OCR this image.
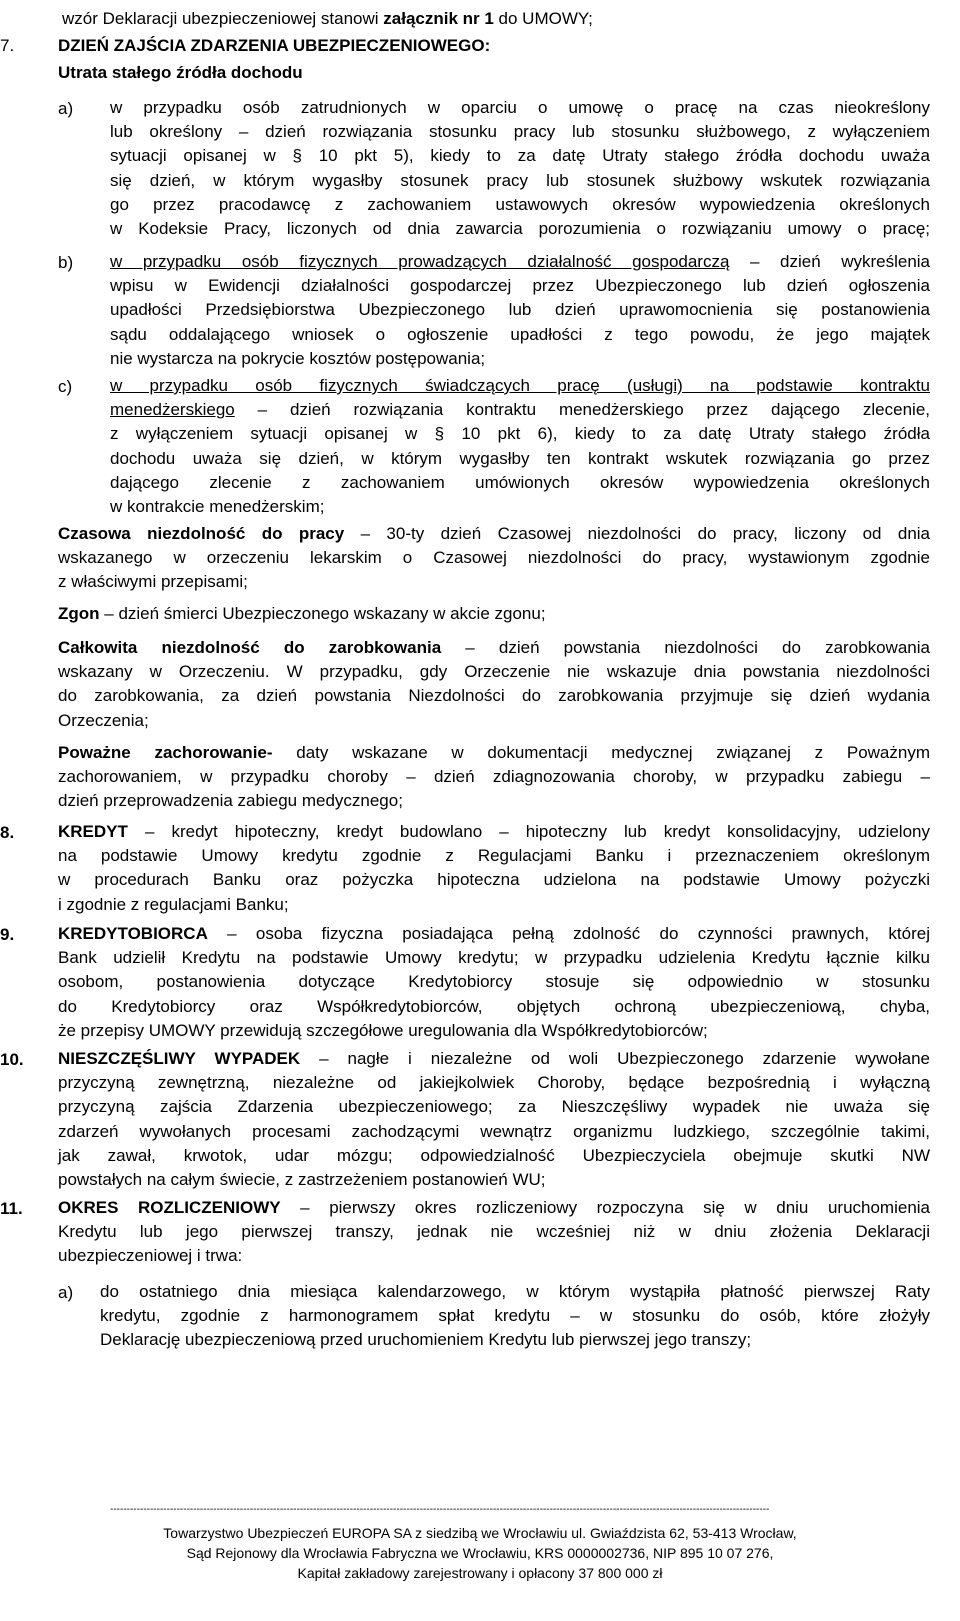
wzór Deklaracji ubezpieczeniowej stanowi załącznik nr 1 do UMOWY;
7.	DZIEŃ ZAJŚCIA ZDARZENIA UBEZPIECZENIOWEGO:
Utrata stałego źródła dochodu
a) w przypadku osób zatrudnionych w oparciu o umowę o pracę na czas nieokreślony
lub określony – dzień rozwiązania stosunku pracy lub stosunku służbowego, z wyłączeniem
sytuacji opisanej w § 10 pkt 5), kiedy to za datę Utraty stałego źródła dochodu uważa
się dzień, w którym wygasłby stosunek pracy lub stosunek służbowy wskutek rozwiązania
go przez pracodawcę z zachowaniem ustawowych okresów wypowiedzenia określonych
w Kodeksie Pracy, liczonych od dnia zawarcia porozumienia o rozwiązaniu umowy o pracę;
b) w przypadku osób fizycznych prowadzących działalność gospodarczą – dzień wykreślenia
wpisu w Ewidencji działalności gospodarczej przez Ubezpieczonego lub dzień ogłoszenia
upadłości Przedsiębiorstwa Ubezpieczonego lub dzień uprawomocnienia się postanowienia
sądu oddalającego wniosek o ogłoszenie upadłości z tego powodu, że jego majątek
nie wystarcza na pokrycie kosztów postępowania;
c) w przypadku osób fizycznych świadczących pracę (usługi) na podstawie kontraktu
menedżerskiego – dzień rozwiązania kontraktu menedżerskiego przez dającego zlecenie,
z wyłączeniem sytuacji opisanej w § 10 pkt 6), kiedy to za datę Utraty stałego źródła
dochodu uważa się dzień, w którym wygasłby ten kontrakt wskutek rozwiązania go przez
dającego zlecenie z zachowaniem umówionych okresów wypowiedzenia określonych
w kontrakcie menedżerskim;
Czasowa niezdolność do pracy – 30-ty dzień Czasowej niezdolności do pracy, liczony od dnia
wskazanego w orzeczeniu lekarskim o Czasowej niezdolności do pracy, wystawionym zgodnie
z właściwymi przepisami;
Zgon – dzień śmierci Ubezpieczonego wskazany w akcie zgonu;
Całkowita niezdolność do zarobkowania – dzień powstania niezdolności do zarobkowania
wskazany w Orzeczeniu. W przypadku, gdy Orzeczenie nie wskazuje dnia powstania niezdolności
do zarobkowania, za dzień powstania Niezdolności do zarobkowania przyjmuje się dzień wydania
Orzeczenia;
Poważne zachorowanie- daty wskazane w dokumentacji medycznej związanej z Poważnym
zachorowaniem, w przypadku choroby – dzień zdiagnozowania choroby, w przypadku zabiegu –
dzień przeprowadzenia zabiegu medycznego;
8.	KREDYT – kredyt hipoteczny, kredyt budowlano – hipoteczny lub kredyt konsolidacyjny, udzielony
na podstawie Umowy kredytu zgodnie z Regulacjami Banku i przeznaczeniem określonym
w procedurach Banku oraz pożyczka hipoteczna udzielona na podstawie Umowy pożyczki
i zgodnie z regulacjami Banku;
9.	KREDYTOBIORCA – osoba fizyczna posiadająca pełną zdolność do czynności prawnych, której
Bank udzielił Kredytu na podstawie Umowy kredytu; w przypadku udzielenia Kredytu łącznie kilku
osobom, postanowienia dotyczące Kredytobiorcy stosuje się odpowiednio w stosunku
do Kredytobiorcy oraz Współkredytobiorców, objętych ochroną ubezpieczeniową, chyba,
że przepisy UMOWY przewidują szczegółowe uregulowania dla Współkredytobiorców;
10. NIESZCZĘŚLIWY WYPADEK – nagłe i niezależne od woli Ubezpieczonego zdarzenie wywołane
przyczyną zewnętrzną, niezależne od jakiejkolwiek Choroby, będące bezpośrednią i wyłączną
przyczyną zajścia Zdarzenia ubezpieczeniowego; za Nieszczęśliwy wypadek nie uważa się
zdarzeń wywołanych procesami zachodzącymi wewnątrz organizmu ludzkiego, szczególnie takimi,
jak zawał, krwotok, udar mózgu; odpowiedzialność Ubezpieczyciela obejmuje skutki NW
powstałych na całym świecie, z zastrzeżeniem postanowień WU;
11. OKRES ROZLICZENIOWY – pierwszy okres rozliczeniowy rozpoczyna się w dniu uruchomienia
Kredytu lub jego pierwszej transzy, jednak nie wcześniej niż w dniu złożenia Deklaracji
ubezpieczeniowej i trwa:
a) do ostatniego dnia miesiąca kalendarzowego, w którym wystąpiła płatność pierwszej Raty
kredytu, zgodnie z harmonogramem spłat kredytu – w stosunku do osób, które złożyły
Deklarację ubezpieczeniową przed uruchomieniem Kredytu lub pierwszej jego transzy;
------------------------------------------------------------------------------------------------------------------------------------------------------------------------------------------------------
Towarzystwo Ubezpieczeń EUROPA SA z siedzibą we Wrocławiu ul. Gwiaździsta 62, 53-413 Wrocław,
Sąd Rejonowy dla Wrocławia Fabryczna we Wrocławiu, KRS 0000002736, NIP 895 10 07 276,
Kapitał zakładowy zarejestrowany i opłacony 37 800 000 zł
